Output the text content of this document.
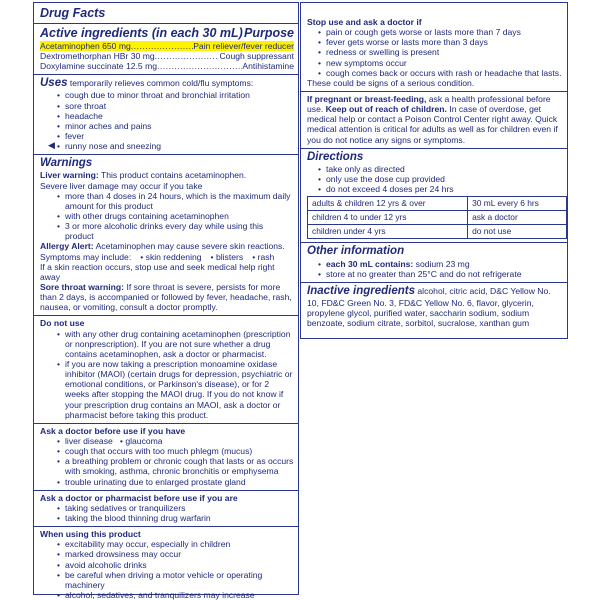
Drug Facts
Active ingredients (in each 30 mL) Purpose
Acetaminophen 650 mg .....	Pain reliever/fever reducer
Dextromethorphan HBr 30 mg .....	Cough suppressant
Doxylamine succinate 12.5 mg .....	Antihistamine
Uses temporarily relieves common cold/flu symptoms:
• cough due to minor throat and bronchial irritation
• sore throat
• headache
• minor aches and pains
• fever
• ◀ runny nose and sneezing
Warnings
Liver warning: This product contains acetaminophen.
Severe liver damage may occur if you take
• more than 4 doses in 24 hours, which is the maximum daily amount for this product
• with other drugs containing acetaminophen
• 3 or more alcoholic drinks every day while using this product
Allergy Alert: Acetaminophen may cause severe skin reactions.
Symptoms may include: • skin reddening • blisters • rash
If a skin reaction occurs, stop use and seek medical help right away
Sore throat warning: If sore throat is severe, persists for more than 2 days, is accompanied or followed by fever, headache, rash, nausea, or vomiting, consult a doctor promptly.
Do not use
• with any other drug containing acetaminophen (prescription or nonprescription). If you are not sure whether a drug contains acetaminophen, ask a doctor or pharmacist.
• if you are now taking a prescription monoamine oxidase inhibitor (MAOI) (certain drugs for depression, psychiatric or emotional conditions, or Parkinson's disease), or for 2 weeks after stopping the MAOI drug. If you do not know if your prescription drug contains an MAOI, ask a doctor or pharmacist before taking this product.
Ask a doctor before use if you have
• liver disease   • glaucoma
• cough that occurs with too much phlegm (mucus)
• a breathing problem or chronic cough that lasts or as occurs with smoking, asthma, chronic bronchitis or emphysema
• trouble urinating due to enlarged prostate gland
Ask a doctor or pharmacist before use if you are
• taking sedatives or tranquilizers
• taking the blood thinning drug warfarin
When using this product
• excitability may occur, especially in children
• marked drowsiness may occur
• avoid alcoholic drinks
• be careful when driving a motor vehicle or operating machinery
• alcohol, sedatives, and tranquilizers may increase
Stop use and ask a doctor if
• pain or cough gets worse or lasts more than 7 days
• fever gets worse or lasts more than 3 days
• redness or swelling is present
• new symptoms occur
• cough comes back or occurs with rash or headache that lasts.
These could be signs of a serious condition.
If pregnant or breast-feeding, ask a health professional before use. Keep out of reach of children. In case of overdose, get medical help or contact a Poison Control Center right away. Quick medical attention is critical for adults as well as for children even if you do not notice any signs or symptoms.
Directions
• take only as directed
• only use the dose cup provided
• do not exceed 4 doses per 24 hrs
adults & children 12 yrs & over	30 mL every 6 hrs
children 4 to under 12 yrs	ask a doctor
children under 4 yrs	do not use
Other information
• each 30 mL contains: sodium 23 mg
• store at no greater than 25°C and do not refrigerate
Inactive ingredients alcohol, citric acid, D&C Yellow No. 10, FD&C Green No. 3, FD&C Yellow No. 6, flavor, glycerin, propylene glycol, purified water, saccharin sodium, sodium benzoate, sodium citrate, sorbitol, sucralose, xanthan gum
